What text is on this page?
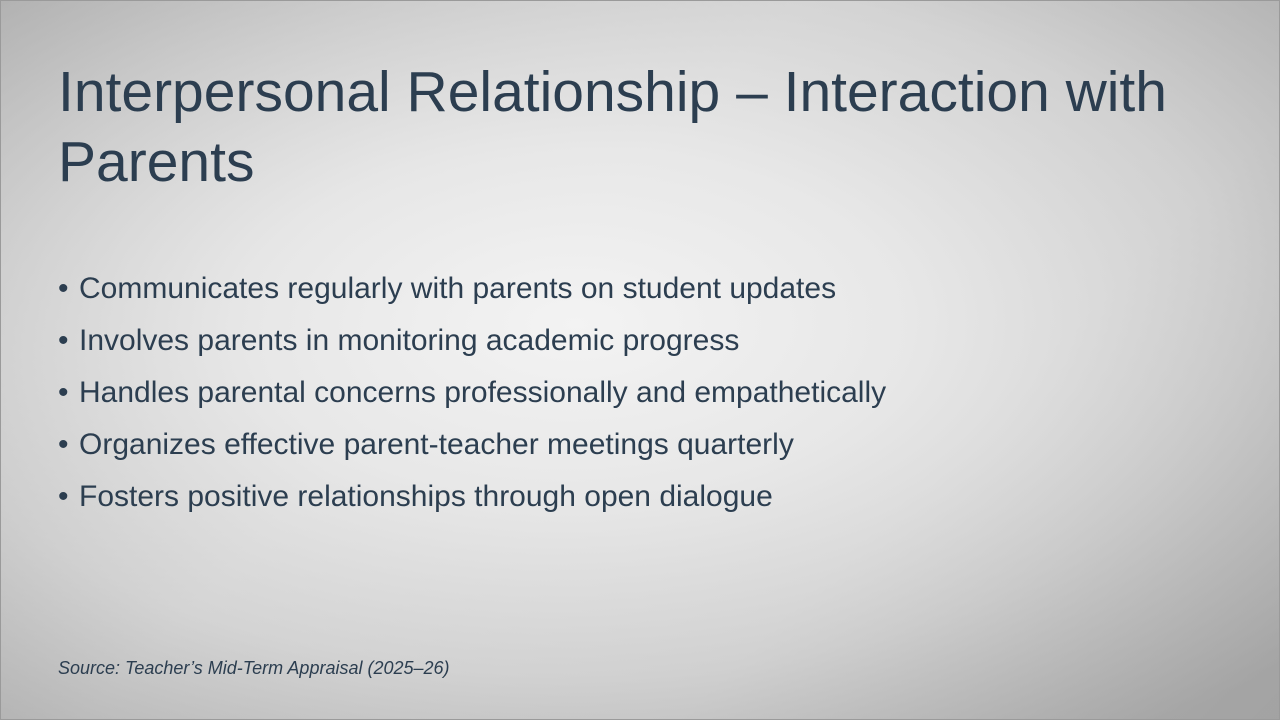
Interpersonal Relationship – Interaction with Parents
• Communicates regularly with parents on student updates
• Involves parents in monitoring academic progress
• Handles parental concerns professionally and empathetically
• Organizes effective parent-teacher meetings quarterly
• Fosters positive relationships through open dialogue

Source: Teacher’s Mid-Term Appraisal (2025–26)
